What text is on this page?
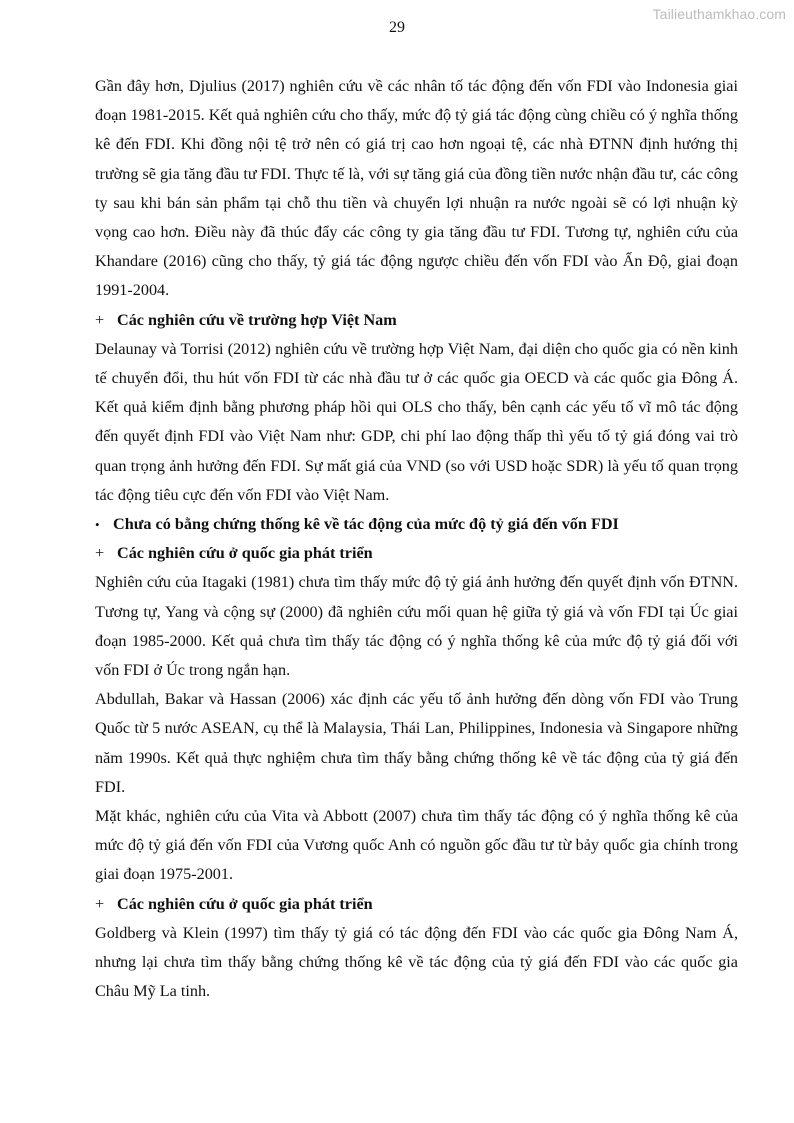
Tailieuthamkhao.com
29

Gần đây hơn, Djulius (2017) nghiên cứu về các nhân tố tác động đến vốn FDI vào Indonesia giai đoạn 1981-2015. Kết quả nghiên cứu cho thấy, mức độ tỷ giá tác động cùng chiều có ý nghĩa thống kê đến FDI. Khi đồng nội tệ trở nên có giá trị cao hơn ngoại tệ, các nhà ĐTNN định hướng thị trường sẽ gia tăng đầu tư FDI. Thực tế là, với sự tăng giá của đồng tiền nước nhận đầu tư, các công ty sau khi bán sản phẩm tại chỗ thu tiền và chuyển lợi nhuận ra nước ngoài sẽ có lợi nhuận kỳ vọng cao hơn. Điều này đã thúc đẩy các công ty gia tăng đầu tư FDI. Tương tự, nghiên cứu của Khandare (2016) cũng cho thấy, tỷ giá tác động ngược chiều đến vốn FDI vào Ấn Độ, giai đoạn 1991-2004.

+ Các nghiên cứu về trường hợp Việt Nam

Delaunay và Torrisi (2012) nghiên cứu về trường hợp Việt Nam, đại diện cho quốc gia có nền kinh tế chuyển đổi, thu hút vốn FDI từ các nhà đầu tư ở các quốc gia OECD và các quốc gia Đông Á. Kết quả kiểm định bằng phương pháp hồi qui OLS cho thấy, bên cạnh các yếu tố vĩ mô tác động đến quyết định FDI vào Việt Nam như: GDP, chi phí lao động thấp thì yếu tố tỷ giá đóng vai trò quan trọng ảnh hưởng đến FDI. Sự mất giá của VND (so với USD hoặc SDR) là yếu tố quan trọng tác động tiêu cực đến vốn FDI vào Việt Nam.

• Chưa có bằng chứng thống kê về tác động của mức độ tỷ giá đến vốn FDI
+ Các nghiên cứu ở quốc gia phát triển

Nghiên cứu của Itagaki (1981) chưa tìm thấy mức độ tỷ giá ảnh hưởng đến quyết định vốn ĐTNN. Tương tự, Yang và cộng sự (2000) đã nghiên cứu mối quan hệ giữa tỷ giá và vốn FDI tại Úc giai đoạn 1985-2000. Kết quả chưa tìm thấy tác động có ý nghĩa thống kê của mức độ tỷ giá đối với vốn FDI ở Úc trong ngắn hạn.

Abdullah, Bakar và Hassan (2006) xác định các yếu tố ảnh hưởng đến dòng vốn FDI vào Trung Quốc từ 5 nước ASEAN, cụ thể là Malaysia, Thái Lan, Philippines, Indonesia và Singapore những năm 1990s. Kết quả thực nghiệm chưa tìm thấy bằng chứng thống kê về tác động của tỷ giá đến FDI.

Mặt khác, nghiên cứu của Vita và Abbott (2007) chưa tìm thấy tác động có ý nghĩa thống kê của mức độ tỷ giá đến vốn FDI của Vương quốc Anh có nguồn gốc đầu tư từ bảy quốc gia chính trong giai đoạn 1975-2001.

+ Các nghiên cứu ở quốc gia phát triển

Goldberg và Klein (1997) tìm thấy tỷ giá có tác động đến FDI vào các quốc gia Đông Nam Á, nhưng lại chưa tìm thấy bằng chứng thống kê về tác động của tỷ giá đến FDI vào các quốc gia Châu Mỹ La tinh.
